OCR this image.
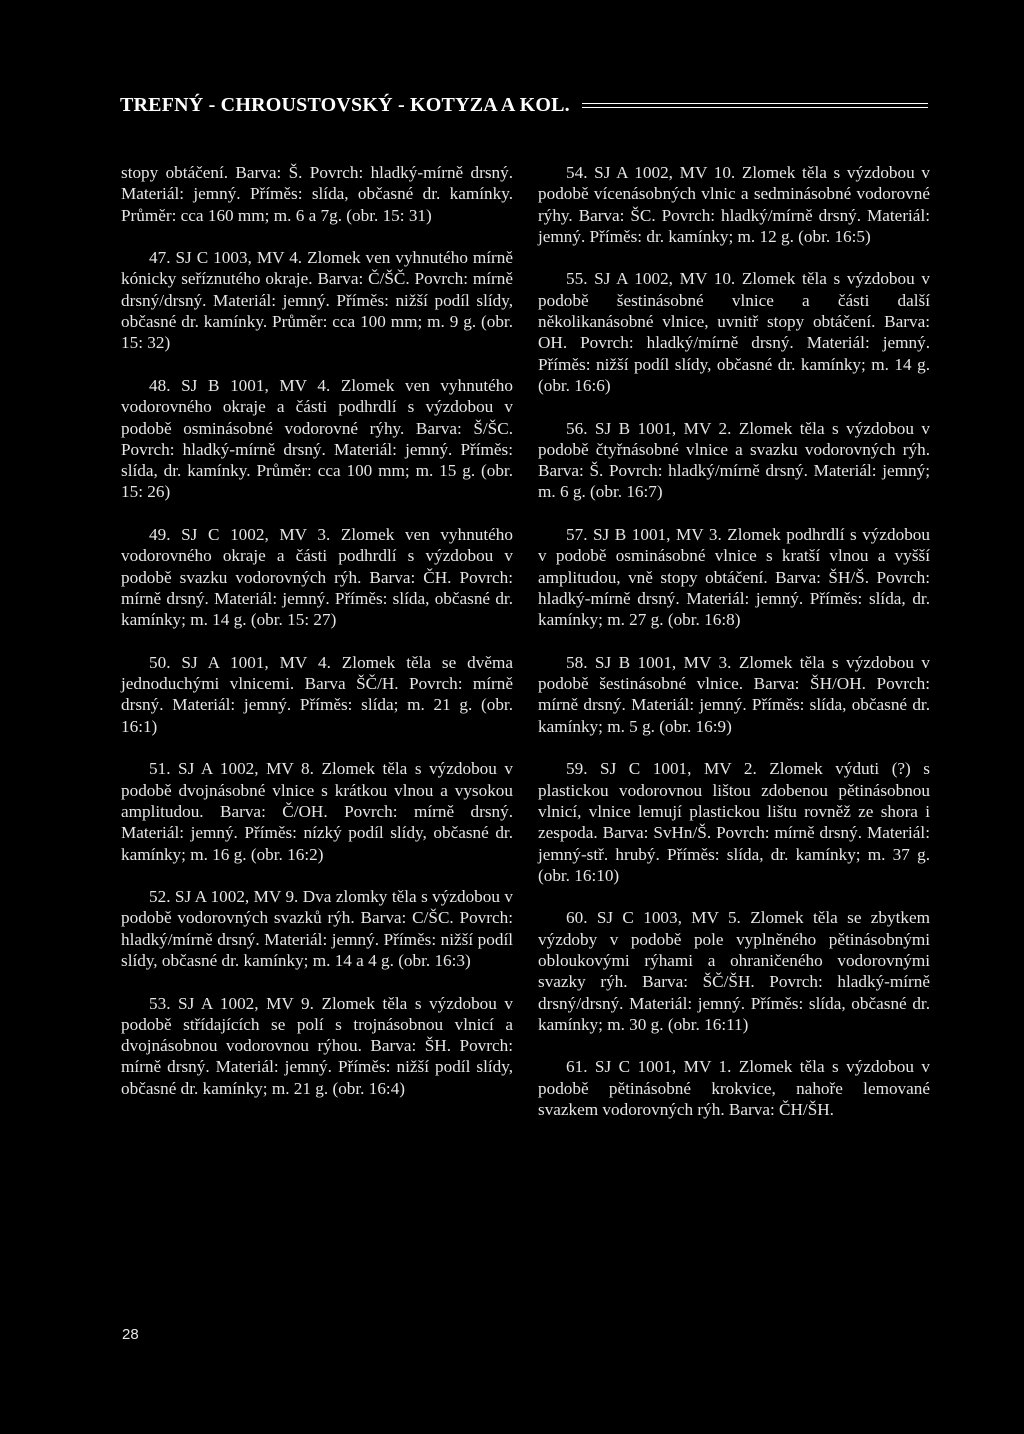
TREFNÝ - CHROUSTOVSKÝ - KOTYZA A KOL.

stopy obtáčení. Barva: Š. Povrch: hladký-mírně drsný. Materiál: jemný. Příměs: slída, občasné dr. kamínky. Průměr: cca 160 mm; m. 6 a 7g. (obr. 15: 31)

47. SJ C 1003, MV 4. Zlomek ven vyhnutého mírně kónicky seříznutého okraje. Barva: Č/ŠČ. Povrch: mírně drsný/drsný. Materiál: jemný. Příměs: nižší podíl slídy, občasné dr. kamínky. Průměr: cca 100 mm; m. 9 g. (obr. 15: 32)

48. SJ B 1001, MV 4. Zlomek ven vyhnutého vodorovného okraje a části podhrdlí s výzdobou v podobě osminásobné vodorovné rýhy. Barva: Š/ŠC. Povrch: hladký-mírně drsný. Materiál: jemný. Příměs: slída, dr. kamínky. Průměr: cca 100 mm; m. 15 g. (obr. 15: 26)

49. SJ C 1002, MV 3. Zlomek ven vyhnutého vodorovného okraje a části podhrdlí s výzdobou v podobě svazku vodorovných rýh. Barva: ČH. Povrch: mírně drsný. Materiál: jemný. Příměs: slída, občasné dr. kamínky; m. 14 g. (obr. 15: 27)

50. SJ A 1001, MV 4. Zlomek těla se dvěma jednoduchými vlnicemi. Barva ŠČ/H. Povrch: mírně drsný. Materiál: jemný. Příměs: slída; m. 21 g. (obr. 16:1)

51. SJ A 1002, MV 8. Zlomek těla s výzdobou v podobě dvojnásobné vlnice s krátkou vlnou a vysokou amplitudou. Barva: Č/OH. Povrch: mírně drsný. Materiál: jemný. Příměs: nízký podíl slídy, občasné dr. kamínky; m. 16 g. (obr. 16:2)

52. SJ A 1002, MV 9. Dva zlomky těla s výzdobou v podobě vodorovných svazků rýh. Barva: C/ŠC. Povrch: hladký/mírně drsný. Materiál: jemný. Příměs: nižší podíl slídy, občasné dr. kamínky; m. 14 a 4 g. (obr. 16:3)

53. SJ A 1002, MV 9. Zlomek těla s výzdobou v podobě střídajících se polí s trojnásobnou vlnicí a dvojnásobnou vodorovnou rýhou. Barva: ŠH. Povrch: mírně drsný. Materiál: jemný. Příměs: nižší podíl slídy, občasné dr. kamínky; m. 21 g. (obr. 16:4)

54. SJ A 1002, MV 10. Zlomek těla s výzdobou v podobě vícenásobných vlnic a sedminásobné vodorovné rýhy. Barva: ŠC. Povrch: hladký/mírně drsný. Materiál: jemný. Příměs: dr. kamínky; m. 12 g. (obr. 16:5)

55. SJ A 1002, MV 10. Zlomek těla s výzdobou v podobě šestinásobné vlnice a části další několikanásobné vlnice, uvnitř stopy obtáčení. Barva: OH. Povrch: hladký/mírně drsný. Materiál: jemný. Příměs: nižší podíl slídy, občasné dr. kamínky; m. 14 g. (obr. 16:6)

56. SJ B 1001, MV 2. Zlomek těla s výzdobou v podobě čtyřnásobné vlnice a svazku vodorovných rýh. Barva: Š. Povrch: hladký/mírně drsný. Materiál: jemný; m. 6 g. (obr. 16:7)

57. SJ B 1001, MV 3. Zlomek podhrdlí s výzdobou v podobě osminásobné vlnice s kratší vlnou a vyšší amplitudou, vně stopy obtáčení. Barva: ŠH/Š. Povrch: hladký-mírně drsný. Materiál: jemný. Příměs: slída, dr. kamínky; m. 27 g. (obr. 16:8)

58. SJ B 1001, MV 3. Zlomek těla s výzdobou v podobě šestinásobné vlnice. Barva: ŠH/OH. Povrch: mírně drsný. Materiál: jemný. Příměs: slída, občasné dr. kamínky; m. 5 g. (obr. 16:9)

59. SJ C 1001, MV 2. Zlomek výduti (?) s plastickou vodorovnou lištou zdobenou pětinásobnou vlnicí, vlnice lemují plastickou lištu rovněž ze shora i zespoda. Barva: SvHn/Š. Povrch: mírně drsný. Materiál: jemný-stř. hrubý. Příměs: slída, dr. kamínky; m. 37 g. (obr. 16:10)

60. SJ C 1003, MV 5. Zlomek těla se zbytkem výzdoby v podobě pole vyplněného pětinásobnými obloukovými rýhami a ohraničeného vodorovnými svazky rýh. Barva: ŠČ/ŠH. Povrch: hladký-mírně drsný/drsný. Materiál: jemný. Příměs: slída, občasné dr. kamínky; m. 30 g. (obr. 16:11)

61. SJ C 1001, MV 1. Zlomek těla s výzdobou v podobě pětinásobné krokvice, nahoře lemované svazkem vodorovných rýh. Barva: ČH/ŠH.

28
